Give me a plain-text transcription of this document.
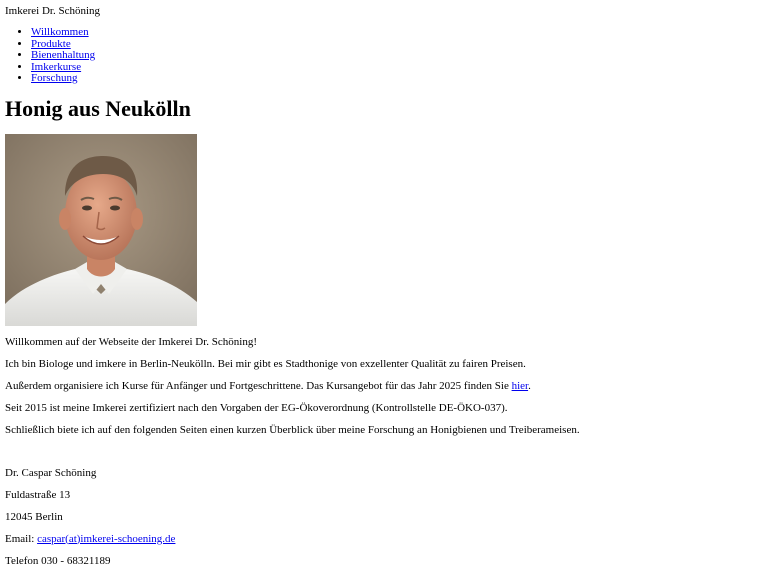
Imkerei Dr. Schöning
• Willkommen
• Produkte
• Bienenhaltung
• Imkerkurse
• Forschung
Honig aus Neukölln

Willkommen auf der Webseite der Imkerei Dr. Schöning!

Ich bin Biologe und imkere in Berlin-Neukölln. Bei mir gibt es Stadthonige von exzellenter Qualität zu fairen Preisen.

Außerdem organisiere ich Kurse für Anfänger und Fortgeschrittene. Das Kursangebot für das Jahr 2025 finden Sie hier.

Seit 2015 ist meine Imkerei zertifiziert nach den Vorgaben der EG-Ökoverordnung (Kontrollstelle DE-ÖKO-037).

Schließlich biete ich auf den folgenden Seiten einen kurzen Überblick über meine Forschung an Honigbienen und Treiberameisen.

Dr. Caspar Schöning

Fuldastraße 13

12045 Berlin

Email: caspar(at)imkerei-schoening.de

Telefon 030 - 68321189
